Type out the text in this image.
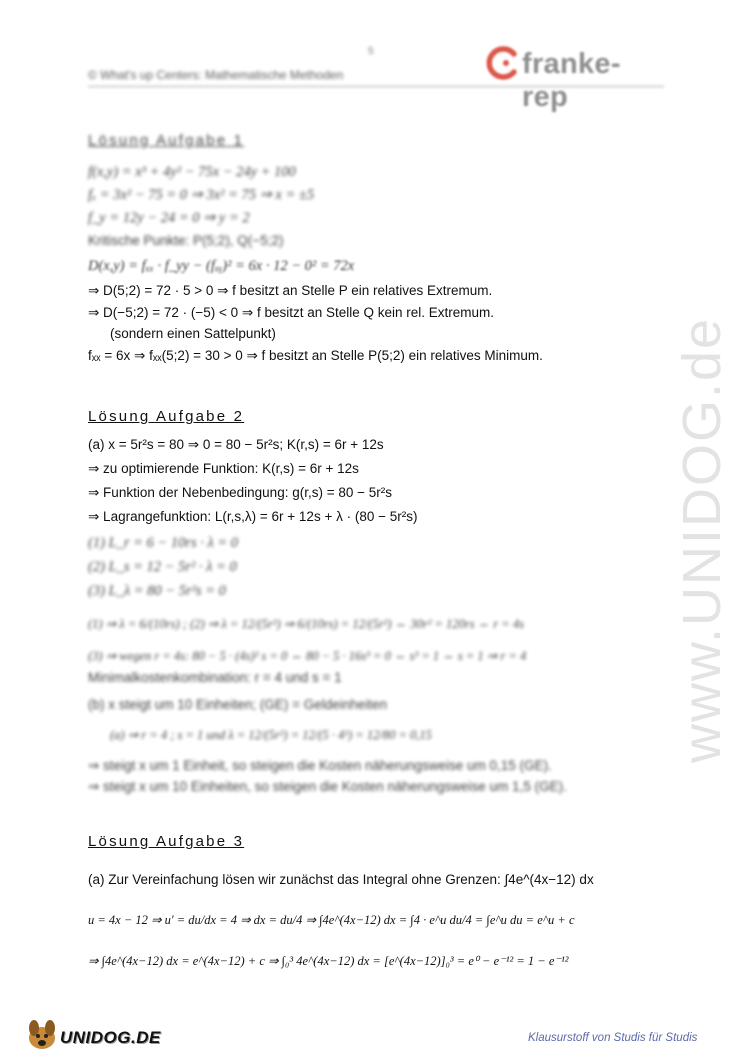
5
© What's up Centers: Mathematische Methoden	franke-rep
Lösung Aufgabe 1
f(x,y) = x³ + 4y² − 75x − 24y + 100
fₓ = 3x² − 75 = 0 ⇒ 3x² = 75 ⇒ x = ±5
f_y = 12y − 24 = 0 ⇒ y = 2
Kritische Punkte: P(5;2), Q(−5;2)
D(x,y) = fₓₓ · f_yy − (fₓᵧ)² = 6x · 12 − 0² = 72x
⇒ D(5;2) = 72 · 5 > 0 ⇒ f besitzt an Stelle P ein relatives Extremum.
⇒ D(−5;2) = 72 · (−5) < 0 ⇒ f besitzt an Stelle Q kein rel. Extremum.
(sondern einen Sattelpunkt)
fₓₓ = 6x ⇒ fₓₓ(5;2) = 30 > 0 ⇒ f besitzt an Stelle P(5;2) ein relatives Minimum.
Lösung Aufgabe 2
(a) x = 5r²s = 80 ⇒ 0 = 80 − 5r²s; K(r,s) = 6r + 12s
⇒ zu optimierende Funktion: K(r,s) = 6r + 12s
⇒ Funktion der Nebenbedingung: g(r,s) = 80 − 5r²s
⇒ Lagrangefunktion: L(r,s,λ) = 6r + 12s + λ · (80 − 5r²s)
(1) L_r = 6 − 10rs · λ = 0
(2) L_s = 12 − 5r² · λ = 0
(3) L_λ = 80 − 5r²s = 0
(1) ⇒ λ = 6/(10rs) ; (2) ⇒ λ = 12/(5r²) ⇒ 6/(10rs) = 12/(5r²) ⇔ 30r² = 120rs ⇔ r = 4s
(3) ⇒ wegen r = 4s: 80 − 5 · (4s)² s = 0 ⇔ 80 − 5 · 16s³ = 0 ⇔ s³ = 1 ⇔ s = 1 ⇒ r = 4
Minimalkostenkombination: r = 4 und s = 1
(b) x steigt um 10 Einheiten; (GE) = Geldeinheiten
(a) ⇒ r = 4 ; s = 1 und λ = 12/(5r²) = 12/(5 · 4²) = 12/80 = 0,15
⇒ steigt x um 1 Einheit, so steigen die Kosten näherungsweise um 0,15 (GE).
⇒ steigt x um 10 Einheiten, so steigen die Kosten näherungsweise um 1,5 (GE).
Lösung Aufgabe 3
(a) Zur Vereinfachung lösen wir zunächst das Integral ohne Grenzen: ∫4e^(4x−12) dx
u = 4x − 12 ⇒ u' = du/dx = 4 ⇒ dx = du/4 ⇒ ∫4e^(4x−12) dx = ∫4 · e^u du/4 = ∫e^u du = e^u + c
⇒ ∫4e^(4x−12) dx = e^(4x−12) + c ⇒ ∫₀³ 4e^(4x−12) dx = [e^(4x−12)]₀³ = e⁰ − e⁻¹² = 1 − e⁻¹²
www.UNIDOG.de
UNIDOG.DE	Klausurstoff von Studis für Studis
